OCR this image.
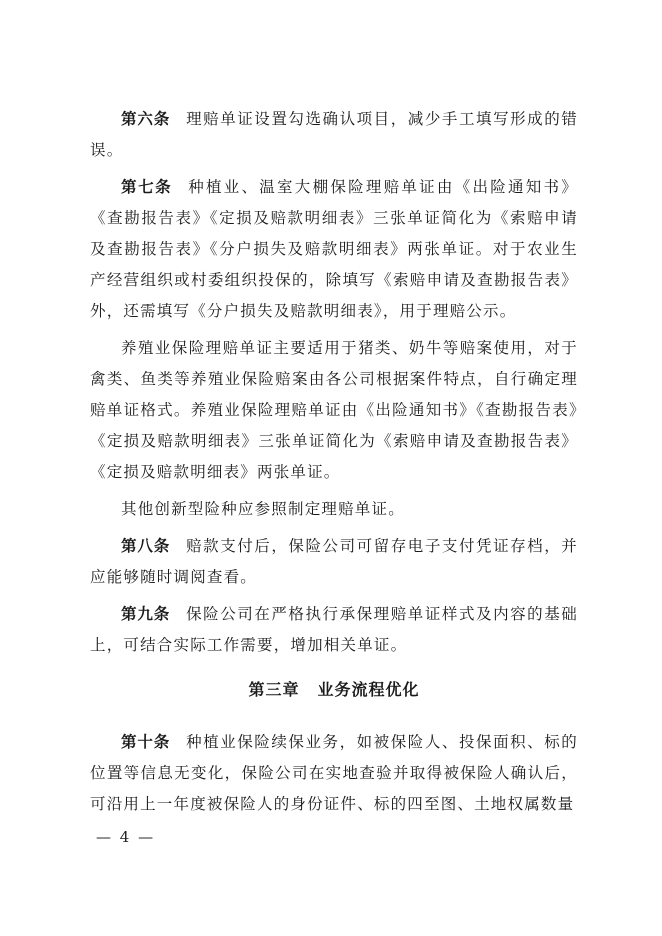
第六条 理赔单证设置勾选确认项目，减少手工填写形成的错误。

第七条 种植业、温室大棚保险理赔单证由《出险通知书》《查勘报告表》《定损及赔款明细表》三张单证简化为《索赔申请及查勘报告表》《分户损失及赔款明细表》两张单证。对于农业生产经营组织或村委组织投保的，除填写《索赔申请及查勘报告表》外，还需填写《分户损失及赔款明细表》，用于理赔公示。

养殖业保险理赔单证主要适用于猪类、奶牛等赔案使用，对于禽类、鱼类等养殖业保险赔案由各公司根据案件特点，自行确定理赔单证格式。养殖业保险理赔单证由《出险通知书》《查勘报告表》《定损及赔款明细表》三张单证简化为《索赔申请及查勘报告表》《定损及赔款明细表》两张单证。

其他创新型险种应参照制定理赔单证。

第八条 赔款支付后，保险公司可留存电子支付凭证存档，并应能够随时调阅查看。

第九条 保险公司在严格执行承保理赔单证样式及内容的基础上，可结合实际工作需要，增加相关单证。

第三章 业务流程优化

第十条 种植业保险续保业务，如被保险人、投保面积、标的位置等信息无变化，保险公司在实地查验并取得被保险人确认后，可沿用上一年度被保险人的身份证件、标的四至图、土地权属数量

— 4 —
